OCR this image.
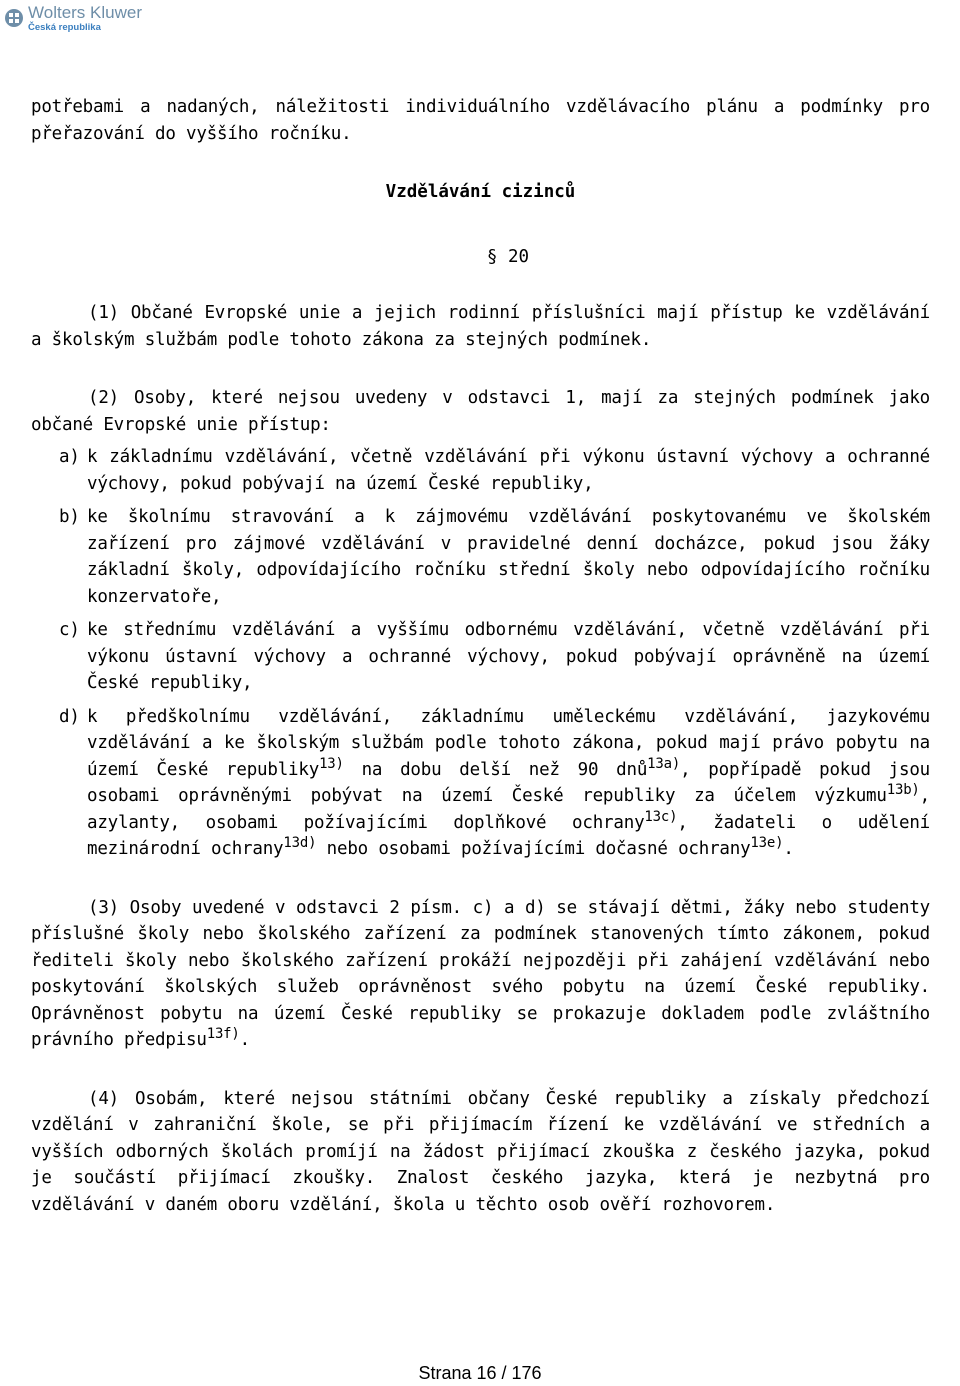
Wolters Kluwer
Česká republika

potřebami a nadaných, náležitosti individuálního vzdělávacího plánu a podmínky pro přeřazování do vyššího ročníku.

Vzdělávání cizinců
§ 20

(1) Občané Evropské unie a jejich rodinní příslušníci mají přístup ke vzdělávání a školským službám podle tohoto zákona za stejných podmínek.

(2) Osoby, které nejsou uvedeny v odstavci 1, mají za stejných podmínek jako občané Evropské unie přístup:

a) k základnímu vzdělávání, včetně vzdělávání při výkonu ústavní výchovy a ochranné výchovy, pokud pobývají na území České republiky,
b) ke školnímu stravování a k zájmovému vzdělávání poskytovanému ve školském zařízení pro zájmové vzdělávání v pravidelné denní docházce, pokud jsou žáky základní školy, odpovídajícího ročníku střední školy nebo odpovídajícího ročníku konzervatoře,
c) ke střednímu vzdělávání a vyššímu odbornému vzdělávání, včetně vzdělávání při výkonu ústavní výchovy a ochranné výchovy, pokud pobývají oprávněně na území České republiky,
d) k předškolnímu vzdělávání, základnímu uměleckému vzdělávání, jazykovému vzdělávání a ke školským službám podle tohoto zákona, pokud mají právo pobytu na území České republiky$^{13)}$ na dobu delší než 90 dnů$^{13a)}$, popřípadě pokud jsou osobami oprávněnými pobývat na území České republiky za účelem výzkumu$^{13b)}$, azylanty, osobami požívajícími doplňkové ochrany$^{13c)}$, žadateli o udělení mezinárodní ochrany$^{13d)}$ nebo osobami požívajícími dočasné ochrany$^{13e)}$.

(3) Osoby uvedené v odstavci 2 písm. c) a d) se stávají dětmi, žáky nebo studenty příslušné školy nebo školského zařízení za podmínek stanovených tímto zákonem, pokud řediteli školy nebo školského zařízení prokáží nejpozději při zahájení vzdělávání nebo poskytování školských služeb oprávněnost svého pobytu na území České republiky. Oprávněnost pobytu na území České republiky se prokazuje dokladem podle zvláštního právního předpisu$^{13f)}$.

(4) Osobám, které nejsou státními občany České republiky a získaly předchozí vzdělání v zahraniční škole, se při přijímacím řízení ke vzdělávání ve středních a vyšších odborných školách promíjí na žádost přijímací zkouška z českého jazyka, pokud je součástí přijímací zkoušky. Znalost českého jazyka, která je nezbytná pro vzdělávání v daném oboru vzdělání, škola u těchto osob ověří rozhovorem.

Strana 16 / 176
